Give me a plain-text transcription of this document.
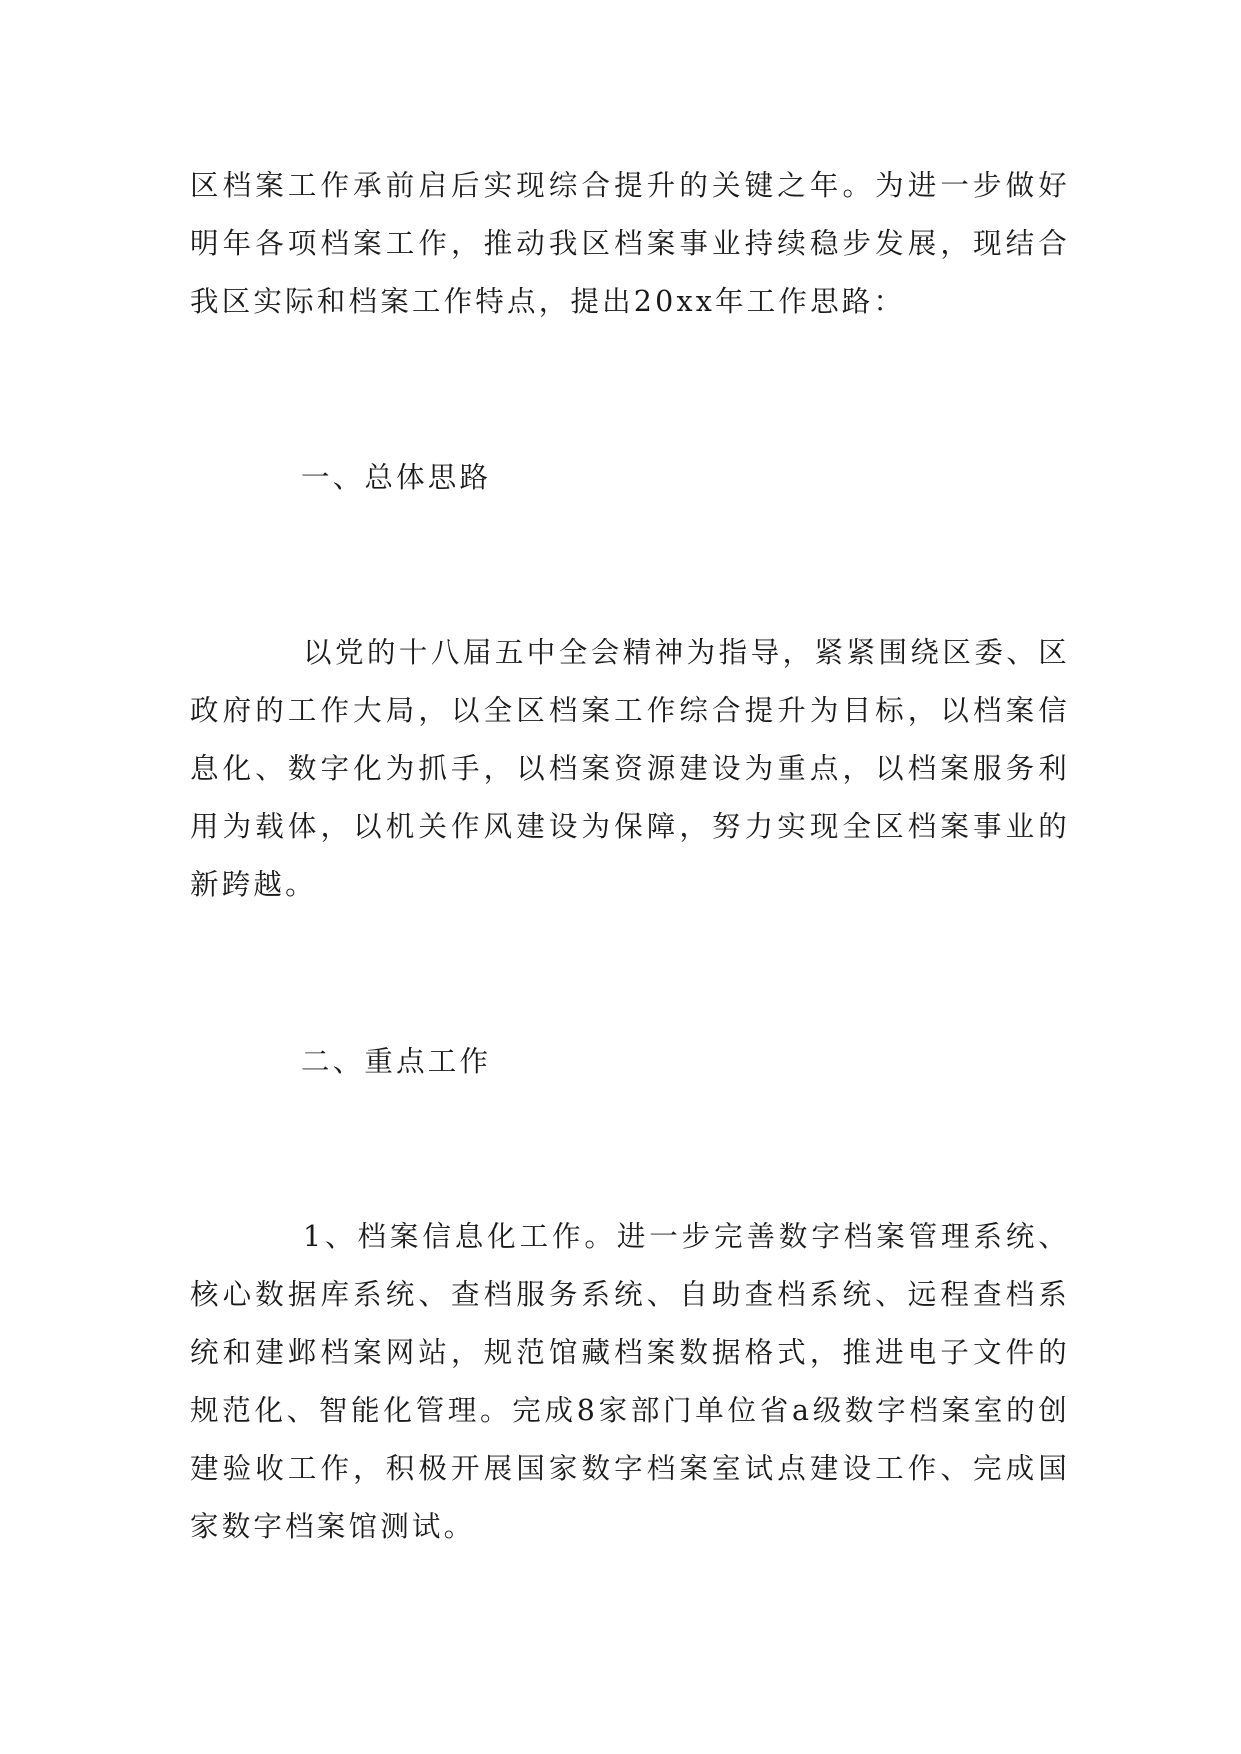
区档案工作承前启后实现综合提升的关键之年。为进一步做好明年各项档案工作，推动我区档案事业持续稳步发展，现结合我区实际和档案工作特点，提出20xx年工作思路：

一、总体思路

以党的十八届五中全会精神为指导，紧紧围绕区委、区政府的工作大局，以全区档案工作综合提升为目标，以档案信息化、数字化为抓手，以档案资源建设为重点，以档案服务利用为载体，以机关作风建设为保障，努力实现全区档案事业的新跨越。

二、重点工作

1、档案信息化工作。进一步完善数字档案管理系统、核心数据库系统、查档服务系统、自助查档系统、远程查档系统和建邺档案网站，规范馆藏档案数据格式，推进电子文件的规范化、智能化管理。完成8家部门单位省a级数字档案室的创建验收工作，积极开展国家数字档案室试点建设工作、完成国家数字档案馆测试。
